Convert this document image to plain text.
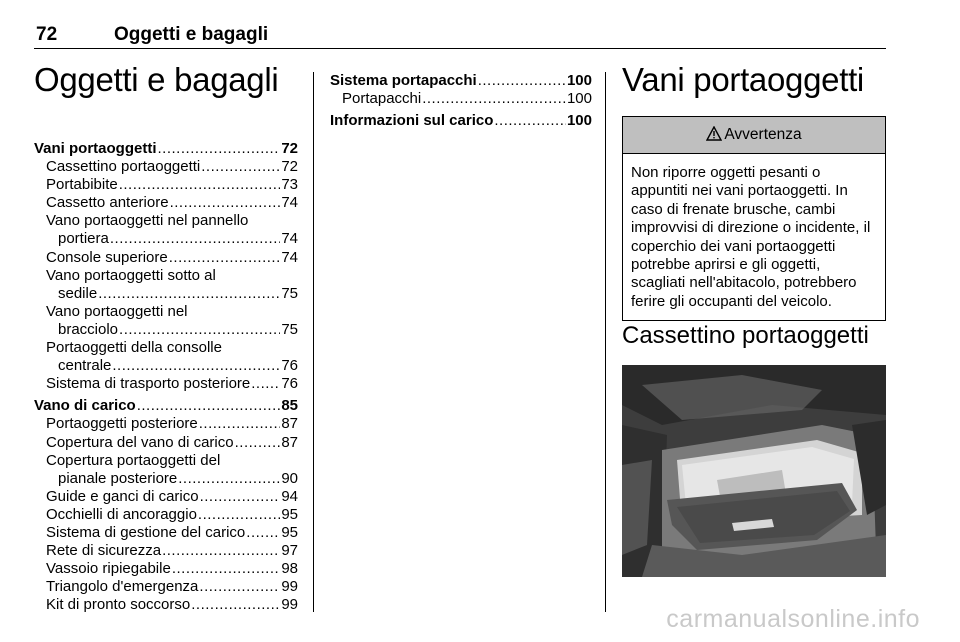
72	Oggetti e bagagli
Oggetti e bagagli
Vani portaoggetti .....	72
Cassettino portaoggetti .....	72
Portabibite .....	73
Cassetto anteriore .....	74
Vano portaoggetti nel pannello
portiera .....	74
Console superiore .....	74
Vano portaoggetti sotto al
sedile .....	75
Vano portaoggetti nel
bracciolo .....	75
Portaoggetti della consolle
centrale .....	76
Sistema di trasporto posteriore ..... 76
Vano di carico .....	85
Portaoggetti posteriore .....	87
Copertura del vano di carico .....	87
Copertura portaoggetti del
pianale posteriore .....	90
Guide e ganci di carico .....	94
Occhielli di ancoraggio .....	95
Sistema di gestione del carico ..... 95
Rete di sicurezza .....	97
Vassoio ripiegabile .....	98
Triangolo d'emergenza .....	99
Kit di pronto soccorso .....	99
Sistema portapacchi .....	100
Portapacchi .....	100
Informazioni sul carico .....	100
Vani portaoggetti
Avvertenza
Non riporre oggetti pesanti o appuntiti nei vani portaoggetti. In caso di frenate brusche, cambi improvvisi di direzione o incidente, il coperchio dei vani portaoggetti potrebbe aprirsi e gli oggetti, scagliati nell'abitacolo, potrebbero ferire gli occupanti del veicolo.
Cassettino portaoggetti
carmanualsonline.info
